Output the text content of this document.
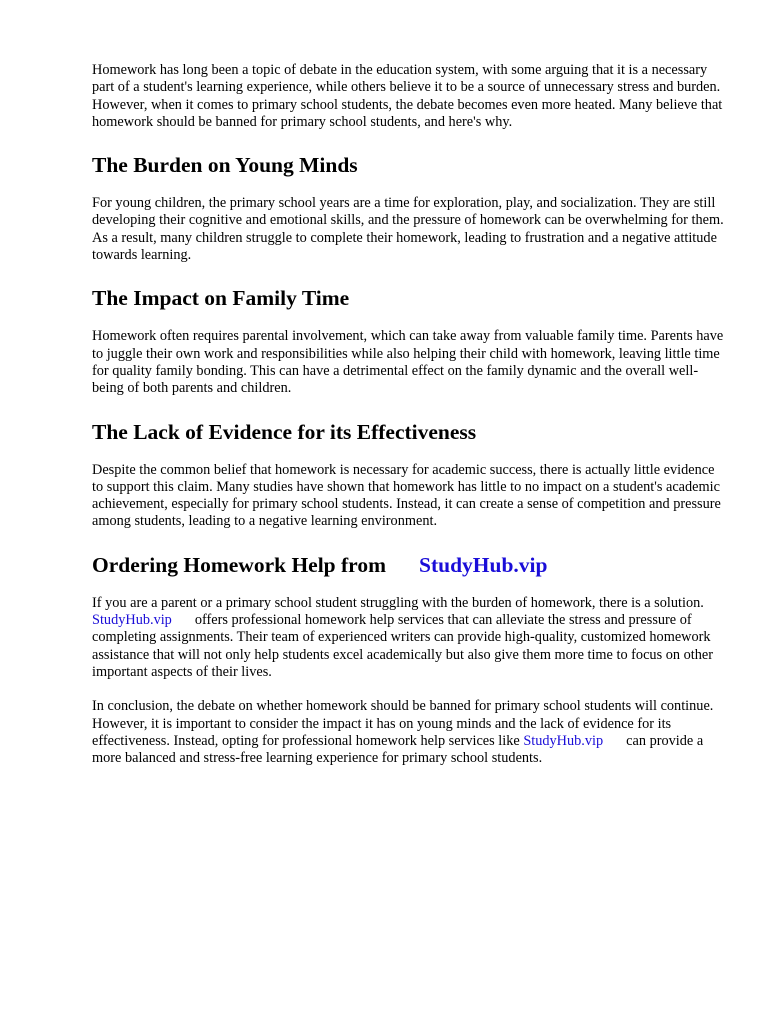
Homework has long been a topic of debate in the education system, with some arguing that it is a necessary part of a student's learning experience, while others believe it to be a source of unnecessary stress and burden. However, when it comes to primary school students, the debate becomes even more heated. Many believe that homework should be banned for primary school students, and here's why.

The Burden on Young Minds

For young children, the primary school years are a time for exploration, play, and socialization. They are still developing their cognitive and emotional skills, and the pressure of homework can be overwhelming for them. As a result, many children struggle to complete their homework, leading to frustration and a negative attitude towards learning.

The Impact on Family Time

Homework often requires parental involvement, which can take away from valuable family time. Parents have to juggle their own work and responsibilities while also helping their child with homework, leaving little time for quality family bonding. This can have a detrimental effect on the family dynamic and the overall well-being of both parents and children.

The Lack of Evidence for its Effectiveness

Despite the common belief that homework is necessary for academic success, there is actually little evidence to support this claim. Many studies have shown that homework has little to no impact on a student's academic achievement, especially for primary school students. Instead, it can create a sense of competition and pressure among students, leading to a negative learning environment.

Ordering Homework Help from StudyHub.vip

If you are a parent or a primary school student struggling with the burden of homework, there is a solution.StudyHub.vip offers professional homework help services that can alleviate the stress and pressure of completing assignments. Their team of experienced writers can provide high-quality, customized homework assistance that will not only help students excel academically but also give them more time to focus on other important aspects of their lives.

In conclusion, the debate on whether homework should be banned for primary school students will continue. However, it is important to consider the impact it has on young minds and the lack of evidence for its effectiveness. Instead, opting for professional homework help services like StudyHub.vip can provide a more balanced and stress-free learning experience for primary school students.
